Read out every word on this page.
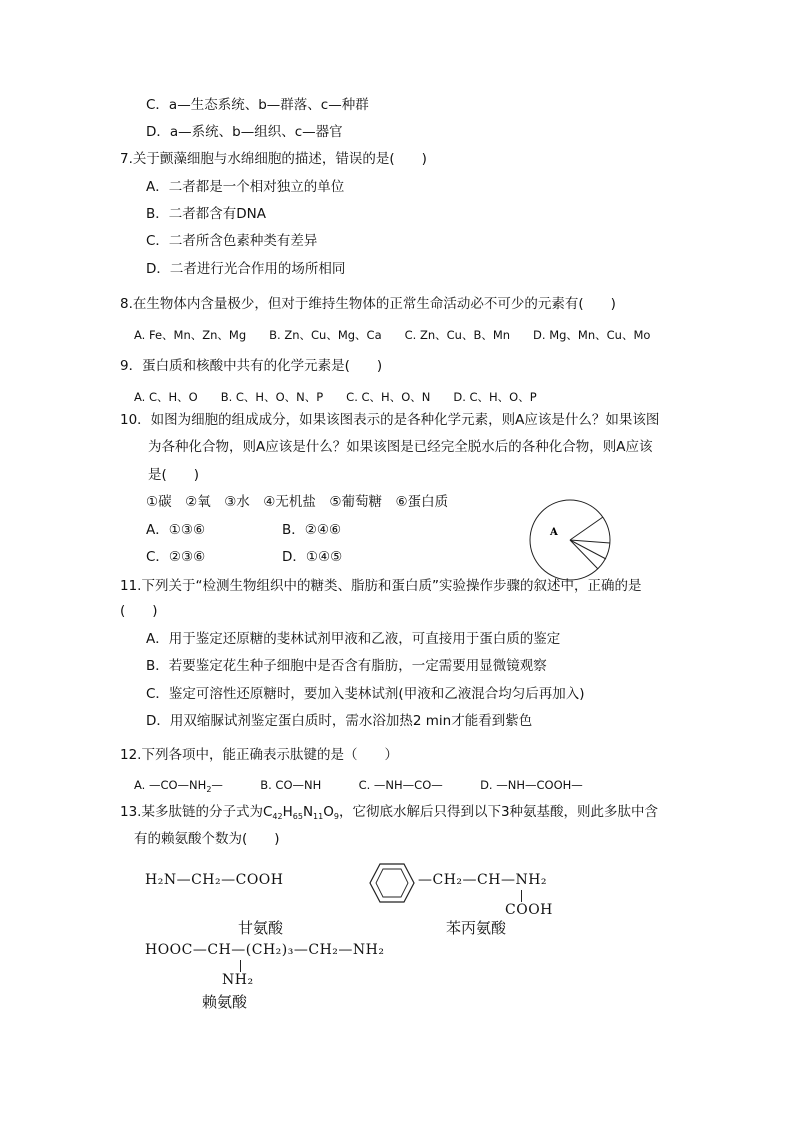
C．a—生态系统、b—群落、c—种群
D．a—系统、b—组织、c—器官
7.关于颤藻细胞与水绵细胞的描述，错误的是(　　)
A．二者都是一个相对独立的单位
B．二者都含有DNA
C．二者所含色素种类有差异
D．二者进行光合作用的场所相同
8.在生物体内含量极少，但对于维持生物体的正常生命活动必不可少的元素有(　　)
A. Fe、Mn、Zn、Mg　　B. Zn、Cu、Mg、Ca　　C. Zn、Cu、B、Mn　　D. Mg、Mn、Cu、Mo
9．蛋白质和核酸中共有的化学元素是(　　)
A. C、H、O　　B. C、H、O、N、P　　C. C、H、O、N　　D. C、H、O、P
10．如图为细胞的组成成分，如果该图表示的是各种化学元素，则A应该是什么？如果该图
为各种化合物，则A应该是什么？如果该图是已经完全脱水后的各种化合物，则A应该
是(　　)
①碳　②氧　③水　④无机盐　⑤葡萄糖　⑥蛋白质
A．①③⑥	B．②④⑥
C．②③⑥	D．①④⑤
A
11.下列关于“检测生物组织中的糖类、脂肪和蛋白质”实验操作步骤的叙述中，正确的是
(　　)
A．用于鉴定还原糖的斐林试剂甲液和乙液，可直接用于蛋白质的鉴定
B．若要鉴定花生种子细胞中是否含有脂肪，一定需要用显微镜观察
C．鉴定可溶性还原糖时，要加入斐林试剂(甲液和乙液混合均匀后再加入)
D．用双缩脲试剂鉴定蛋白质时，需水浴加热2 min才能看到紫色
12.下列各项中，能正确表示肽键的是（　　）
A. $—CO—NH_2—$	B. CO—NH	C. —NH—CO—	D. —NH—COOH—
13.某多肽链的分子式为$C_{42}H_{65}N_{11}O_9$，它彻底水解后只得到以下3种氨基酸，则此多肽中含
有的赖氨酸个数为(　　)
H₂N—CH₂—COOH
甘氨酸
—CH₂—CH—NH₂
COOH
苯丙氨酸
HOOC—CH—(CH₂)₃—CH₂—NH₂
NH₂
赖氨酸
